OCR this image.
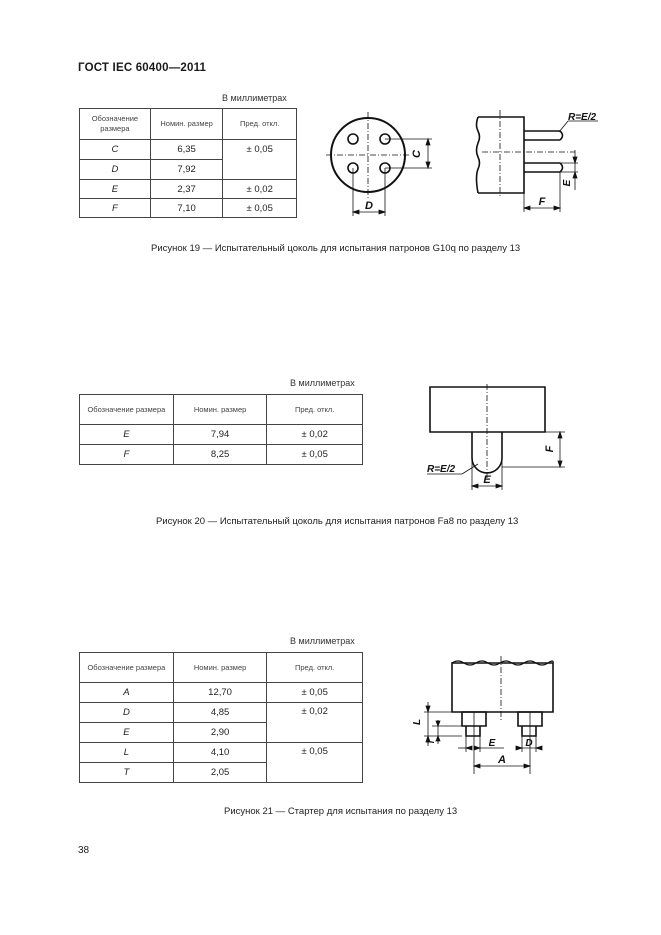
ГОСТ IEC 60400—2011
В миллиметрах
Обозначение размера	Номин. размер	Пред. откл.
C	6,35	± 0,05
D	7,92	
E	2,37	± 0,02
F	7,10	± 0,05	D
C
R=E/2
F
E
Рисунок 19 — Испытательный цоколь для испытания патронов G10q по разделу 13
В миллиметрах
Обозначение размера	Номин. размер	Пред. откл.
E	7,94	± 0,02
F	8,25	± 0,05
R=E/2
E
F
Рисунок 20 — Испытательный цоколь для испытания патронов Fa8 по разделу 13
В миллиметрах
Обозначение размера	Номин. размер	Пред. откл.
A	12,70	± 0,05
D	4,85	± 0,02
E	2,90	
L	4,10	± 0,05
T	2,05	
A
E	D
L
T
Рисунок 21 — Стартер для испытания по разделу 13
38
